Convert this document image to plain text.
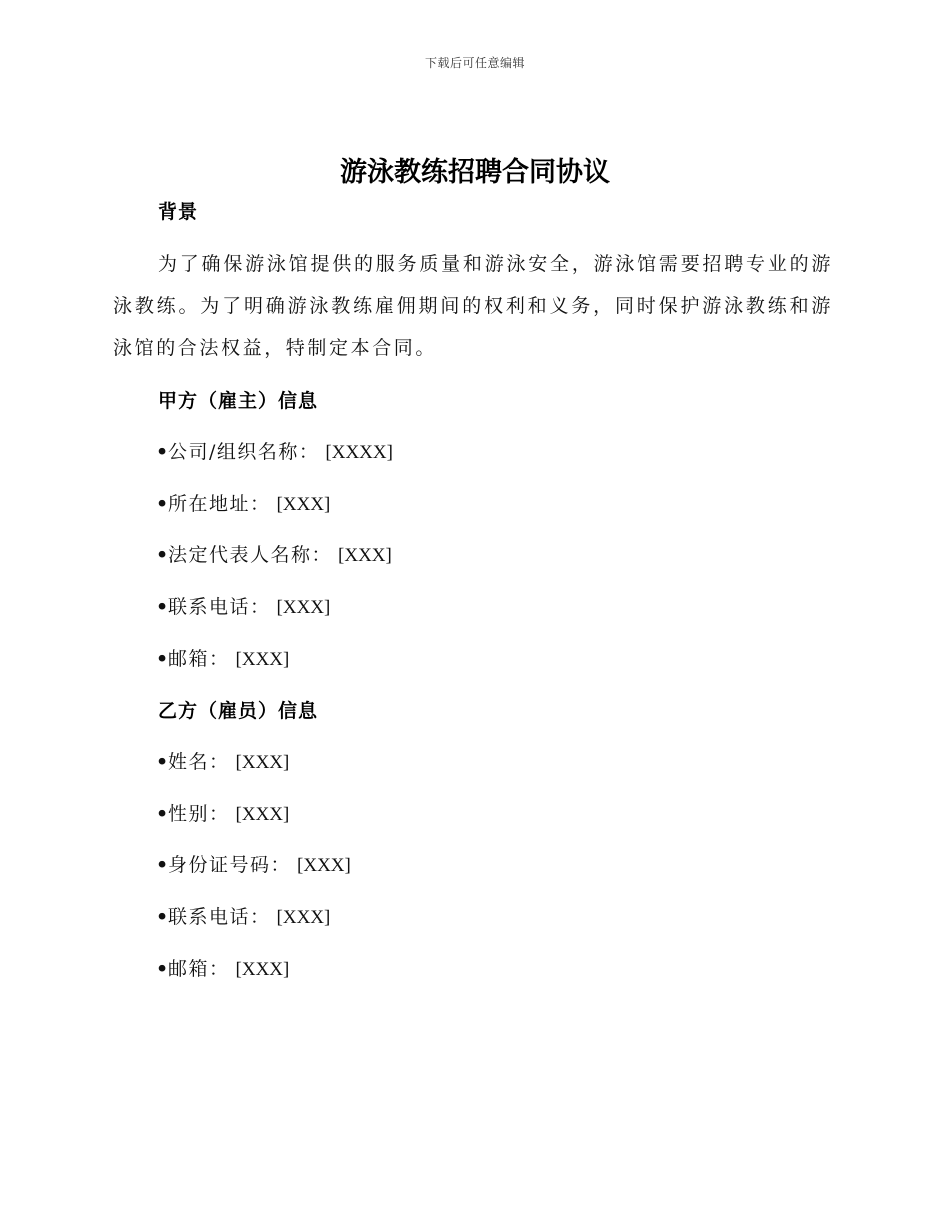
下载后可任意编辑
游泳教练招聘合同协议
背景

为了确保游泳馆提供的服务质量和游泳安全，游泳馆需要招聘专业的游泳教练。为了明确游泳教练雇佣期间的权利和义务，同时保护游泳教练和游泳馆的合法权益，特制定本合同。

甲方（雇主）信息
•公司/组织名称： [XXXX]
•所在地址： [XXX]
•法定代表人名称： [XXX]
•联系电话： [XXX]
•邮箱： [XXX]
乙方（雇员）信息
•姓名： [XXX]
•性别： [XXX]
•身份证号码： [XXX]
•联系电话： [XXX]
•邮箱： [XXX]
